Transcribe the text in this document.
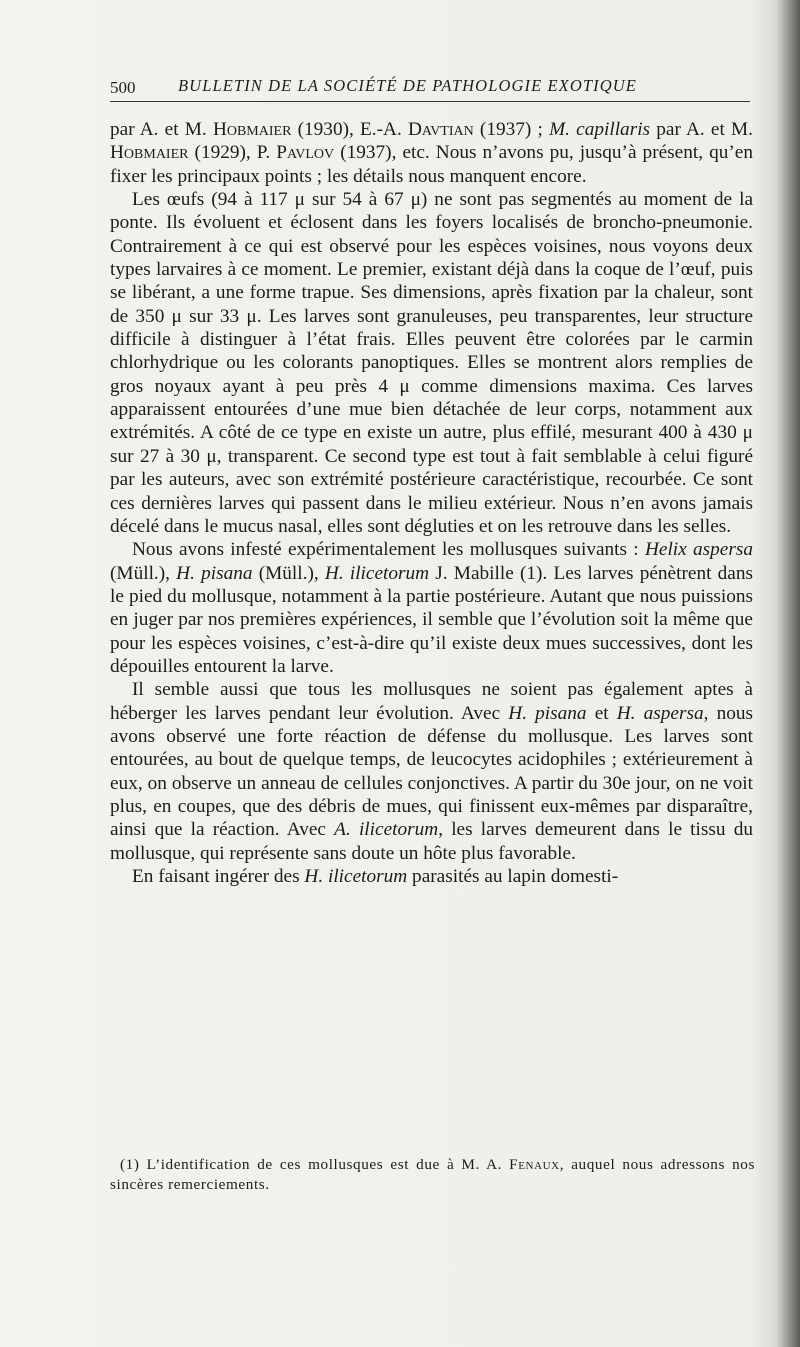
500	BULLETIN DE LA SOCIÉTÉ DE PATHOLOGIE EXOTIQUE

par A. et M. Hobmaier (1930), E.-A. Davtian (1937) ; M. capillaris par A. et M. Hobmaier (1929), P. Pavlov (1937), etc. Nous n’avons pu, jusqu’à présent, qu’en fixer les principaux points ; les détails nous manquent encore.

Les œufs (94 à 117 μ sur 54 à 67 μ) ne sont pas segmentés au moment de la ponte. Ils évoluent et éclosent dans les foyers localisés de broncho-pneumonie. Contrairement à ce qui est observé pour les espèces voisines, nous voyons deux types larvaires à ce moment. Le premier, existant déjà dans la coque de l’œuf, puis se libérant, a une forme trapue. Ses dimensions, après fixation par la chaleur, sont de 350 μ sur 33 μ. Les larves sont granuleuses, peu transparentes, leur structure difficile à distinguer à l’état frais. Elles peuvent être colorées par le carmin chlorhydrique ou les colorants panoptiques. Elles se montrent alors remplies de gros noyaux ayant à peu près 4 μ comme dimensions maxima. Ces larves apparaissent entourées d’une mue bien détachée de leur corps, notamment aux extrémités. A côté de ce type en existe un autre, plus effilé, mesurant 400 à 430 μ sur 27 à 30 μ, transparent. Ce second type est tout à fait semblable à celui figuré par les auteurs, avec son extrémité postérieure caractéristique, recourbée. Ce sont ces dernières larves qui passent dans le milieu extérieur. Nous n’en avons jamais décelé dans le mucus nasal, elles sont dégluties et on les retrouve dans les selles.

Nous avons infesté expérimentalement les mollusques suivants : Helix aspersa (Müll.), H. pisana (Müll.), H. ilicetorum J. Mabille (1). Les larves pénètrent dans le pied du mollusque, notamment à la partie postérieure. Autant que nous puissions en juger par nos premières expériences, il semble que l’évolution soit la même que pour les espèces voisines, c’est-à-dire qu’il existe deux mues successives, dont les dépouilles entourent la larve.

Il semble aussi que tous les mollusques ne soient pas également aptes à héberger les larves pendant leur évolution. Avec H. pisana et H. aspersa, nous avons observé une forte réaction de défense du mollusque. Les larves sont entourées, au bout de quelque temps, de leucocytes acidophiles ; extérieurement à eux, on observe un anneau de cellules conjonctives. A partir du 30e jour, on ne voit plus, en coupes, que des débris de mues, qui finissent eux-mêmes par disparaître, ainsi que la réaction. Avec A. ilicetorum, les larves demeurent dans le tissu du mollusque, qui représente sans doute un hôte plus favorable.

En faisant ingérer des H. ilicetorum parasités au lapin domesti-

(1) L’identification de ces mollusques est due à M. A. Fenaux, auquel nous adressons nos sincères remerciements.
